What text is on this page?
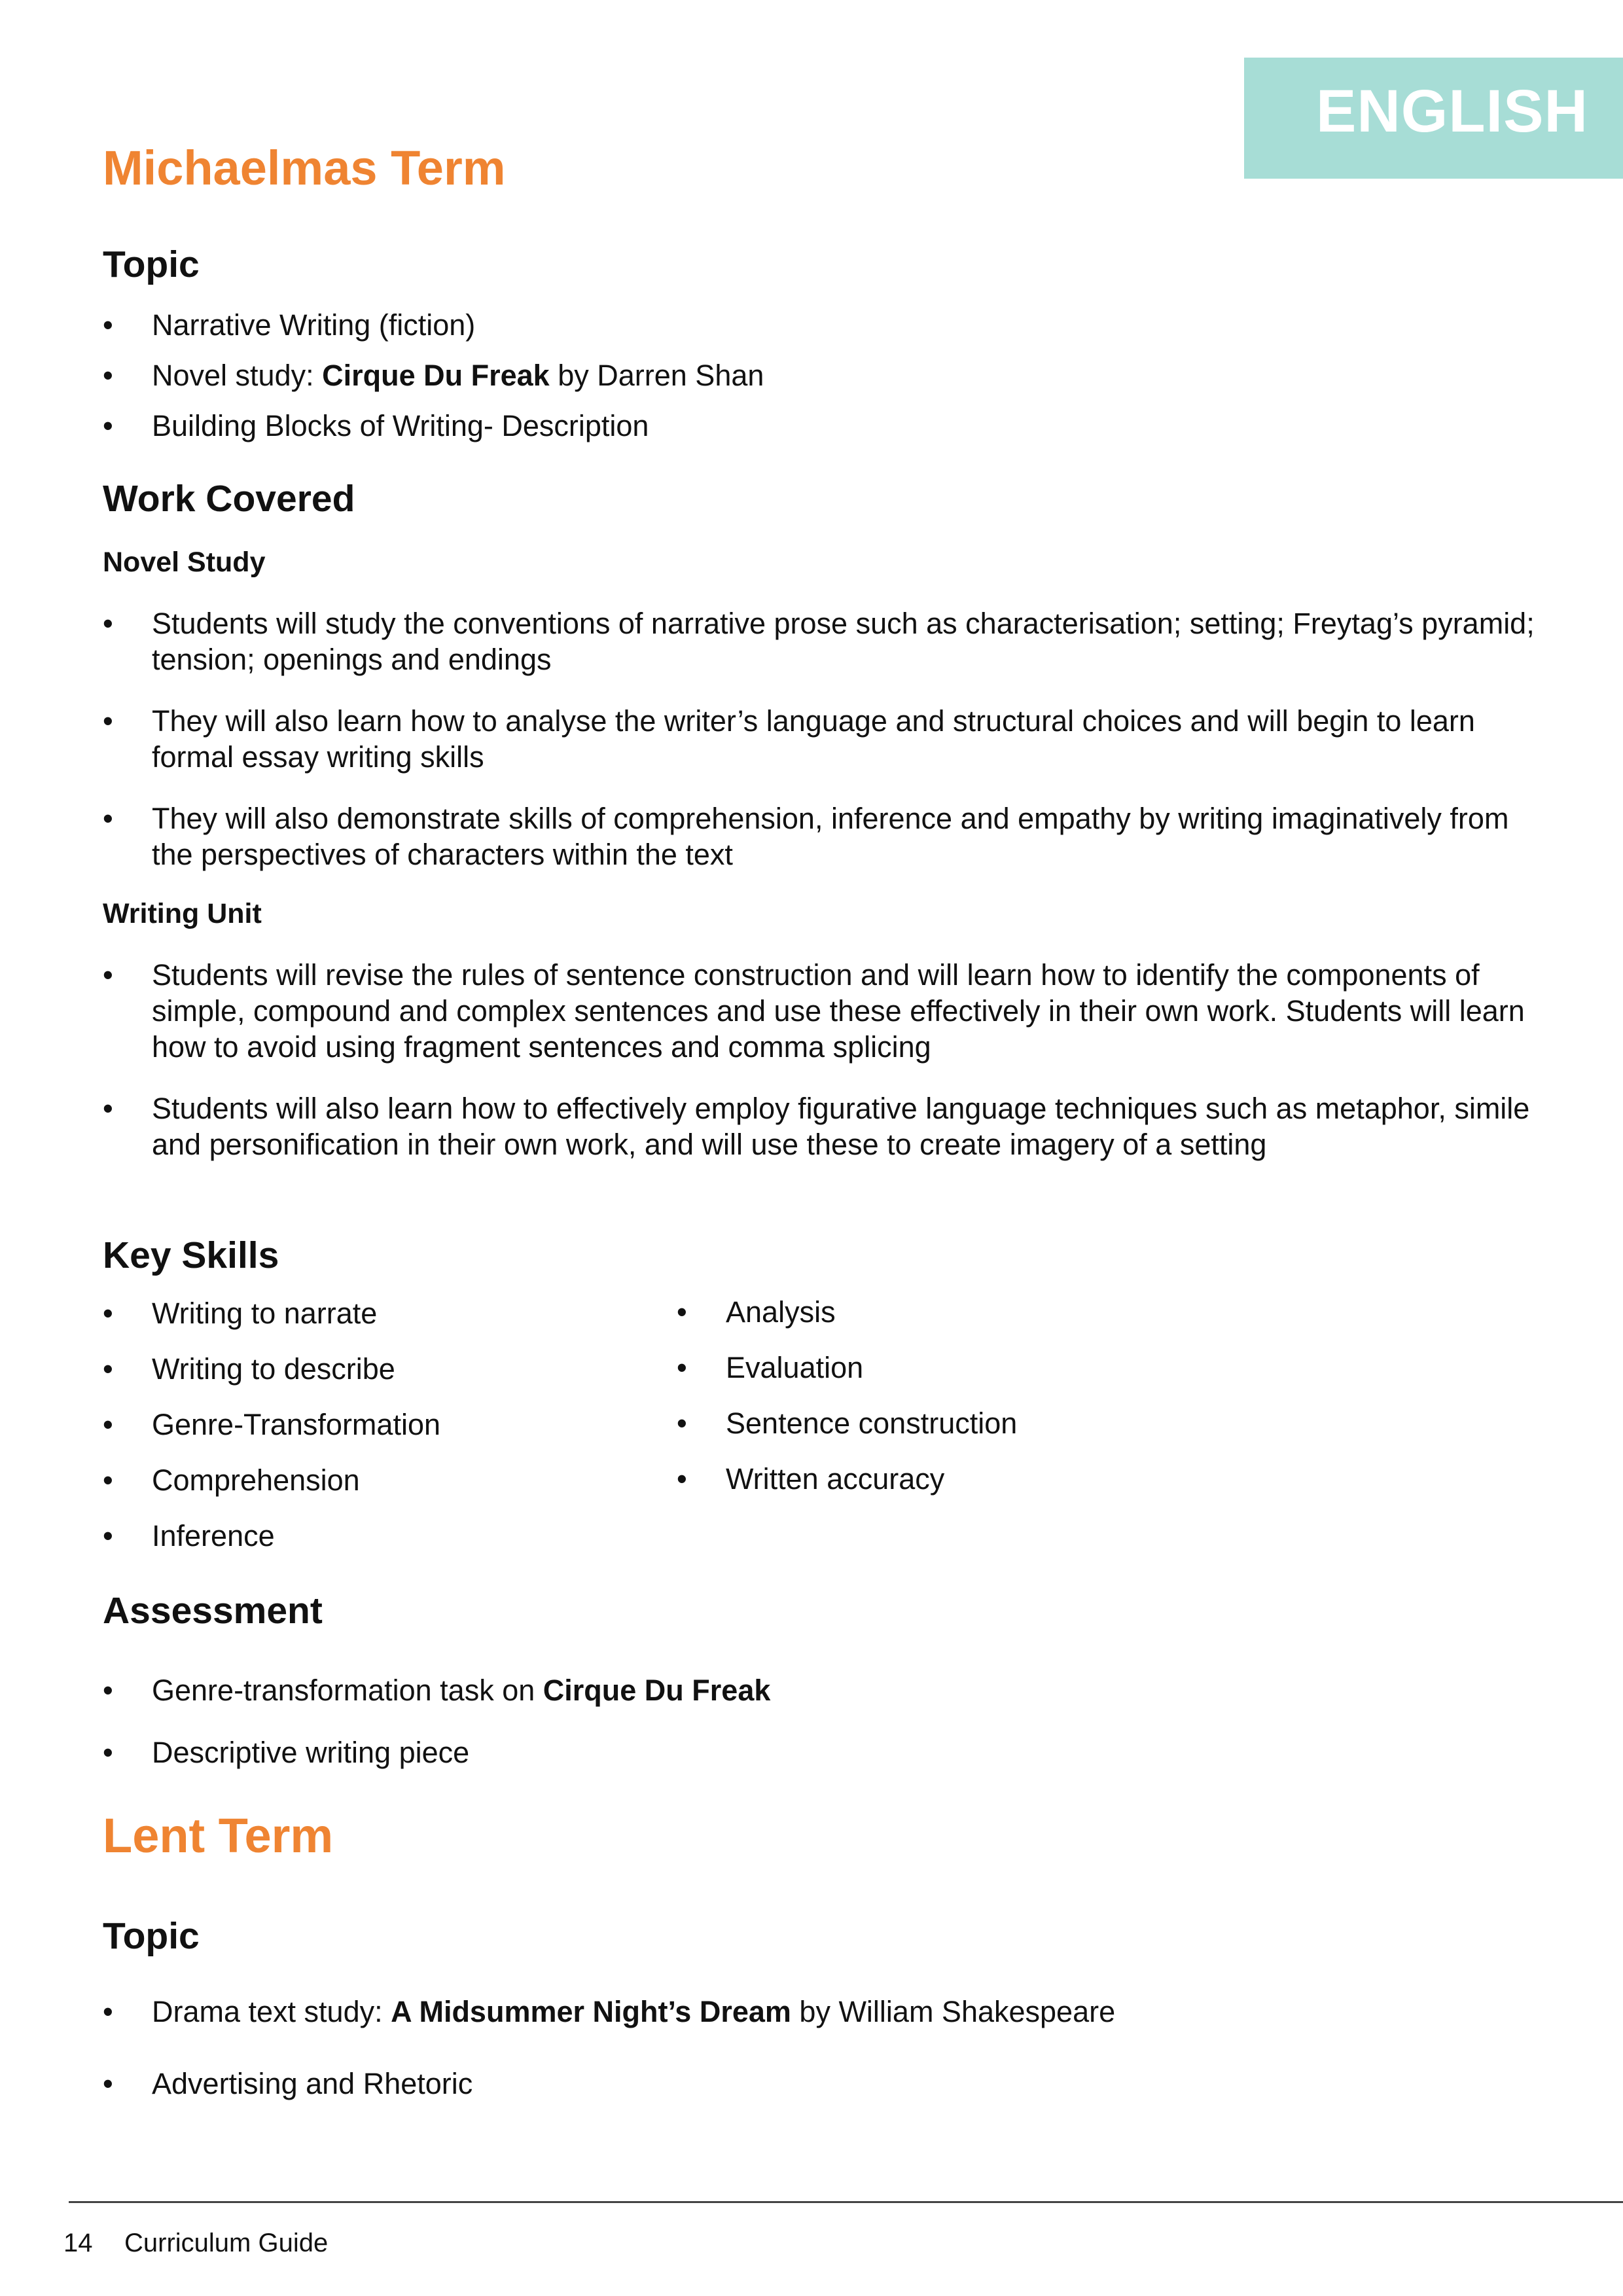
ENGLISH
Michaelmas Term
Topic
• Narrative Writing (fiction)
• Novel study: Cirque Du Freak by Darren Shan
• Building Blocks of Writing- Description
Work Covered
Novel Study
• Students will study the conventions of narrative prose such as characterisation; setting; Freytag’s pyramid; tension; openings and endings
• They will also learn how to analyse the writer’s language and structural choices and will begin to learn formal essay writing skills
• They will also demonstrate skills of comprehension, inference and empathy by writing imaginatively from the perspectives of characters within the text
Writing Unit
• Students will revise the rules of sentence construction and will learn how to identify the components of simple, compound and complex sentences and use these effectively in their own work. Students will learn how to avoid using fragment sentences and comma splicing
• Students will also learn how to effectively employ figurative language techniques such as metaphor, simile and personification in their own work, and will use these to create imagery of a setting
Key Skills
• Writing to narrate
• Writing to describe
• Genre-Transformation
• Comprehension
• Inference
• Analysis
• Evaluation
• Sentence construction
• Written accuracy
Assessment
• Genre-transformation task on Cirque Du Freak
• Descriptive writing piece
Lent Term
Topic
• Drama text study: A Midsummer Night’s Dream by William Shakespeare
• Advertising and Rhetoric
14 Curriculum Guide
